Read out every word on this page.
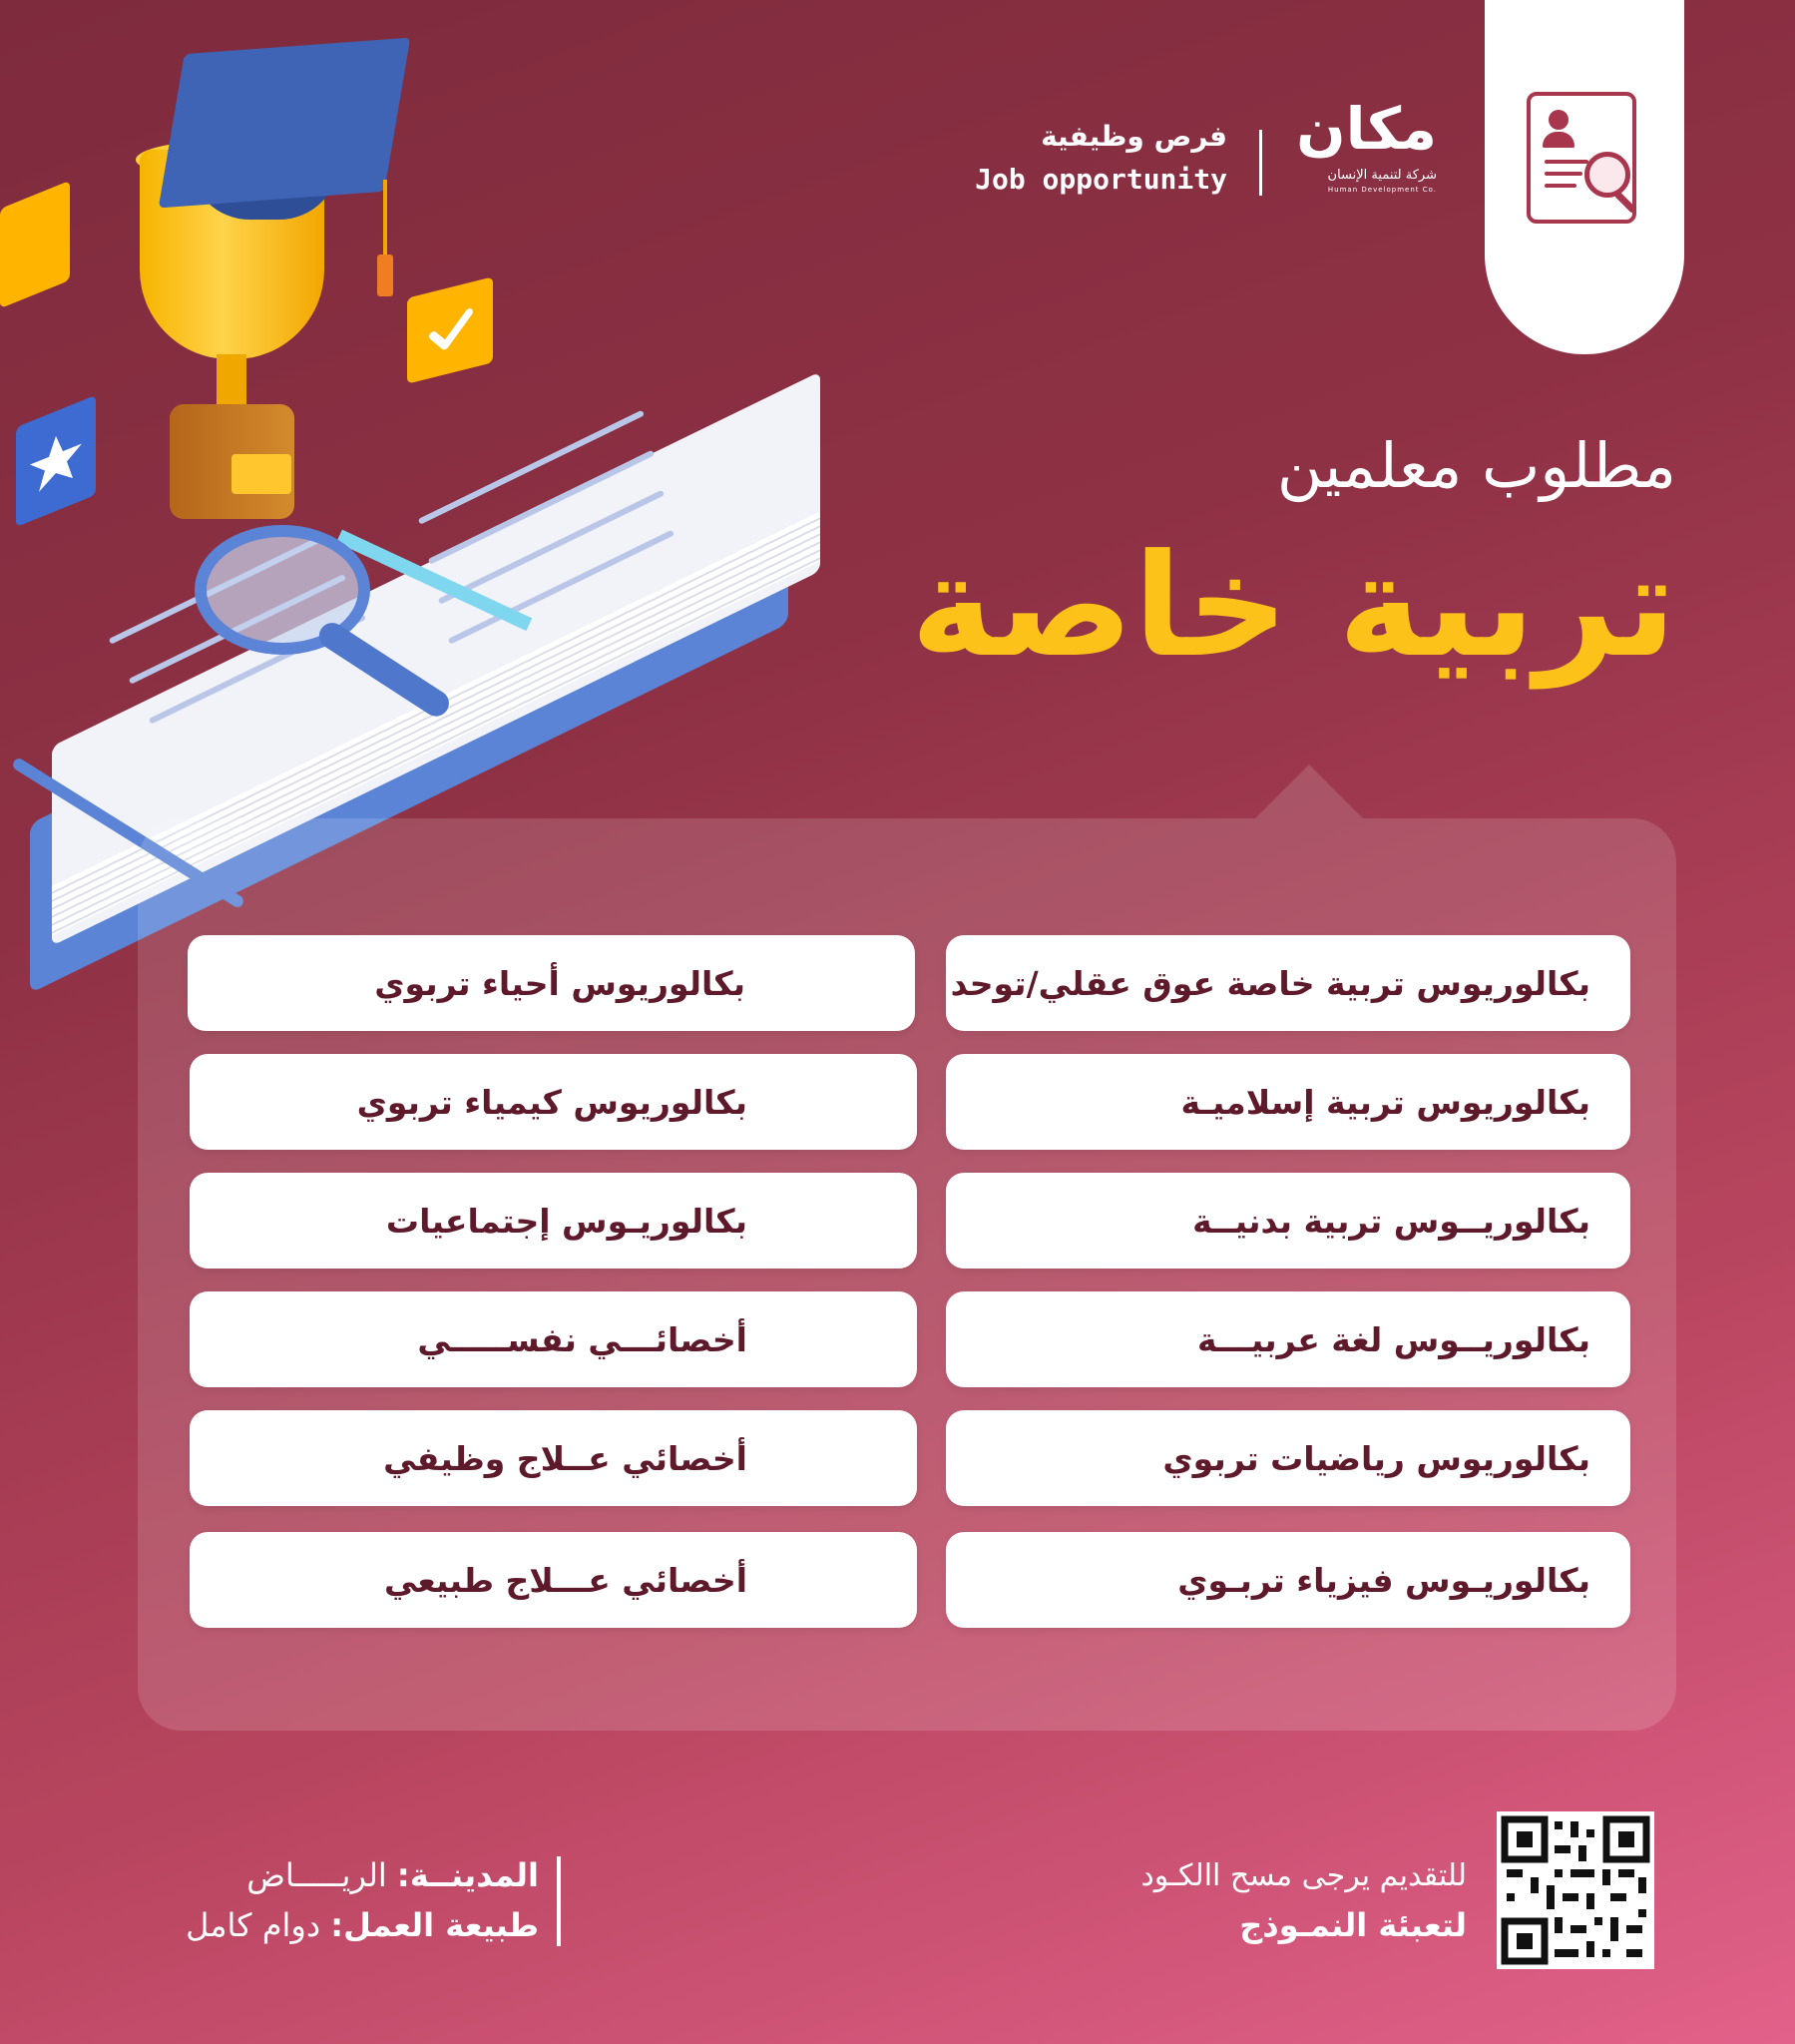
مكان
شركة لتنمية الإنسان
Human Development Co.
فرص وظيفية
Job opportunity
مطلوب معلمين
تربية خاصة
بكالوريوس تربية خاصة عوق عقلي/توحد
بكالوريوس تربية إسلاميـة
بكالوريــوس تربية بدنيــة
بكالوريــوس لغة عربيـــة
بكالوريوس رياضيات تربوي
بكالوريـوس فيزياء تربـوي
بكالوريوس أحياء تربوي
بكالوريوس كيمياء تربوي
بكالوريـوس إجتماعيات
أخصائـــي نفســـــي
أخصائي عــلاج وظيفي
أخصائي عـــلاج طبيعي
للتقديم يرجى مسح االكـود
لتعبئة النمـوذج
المدينــة: الريـــــاض
طبيعة العمل: دوام كامل
